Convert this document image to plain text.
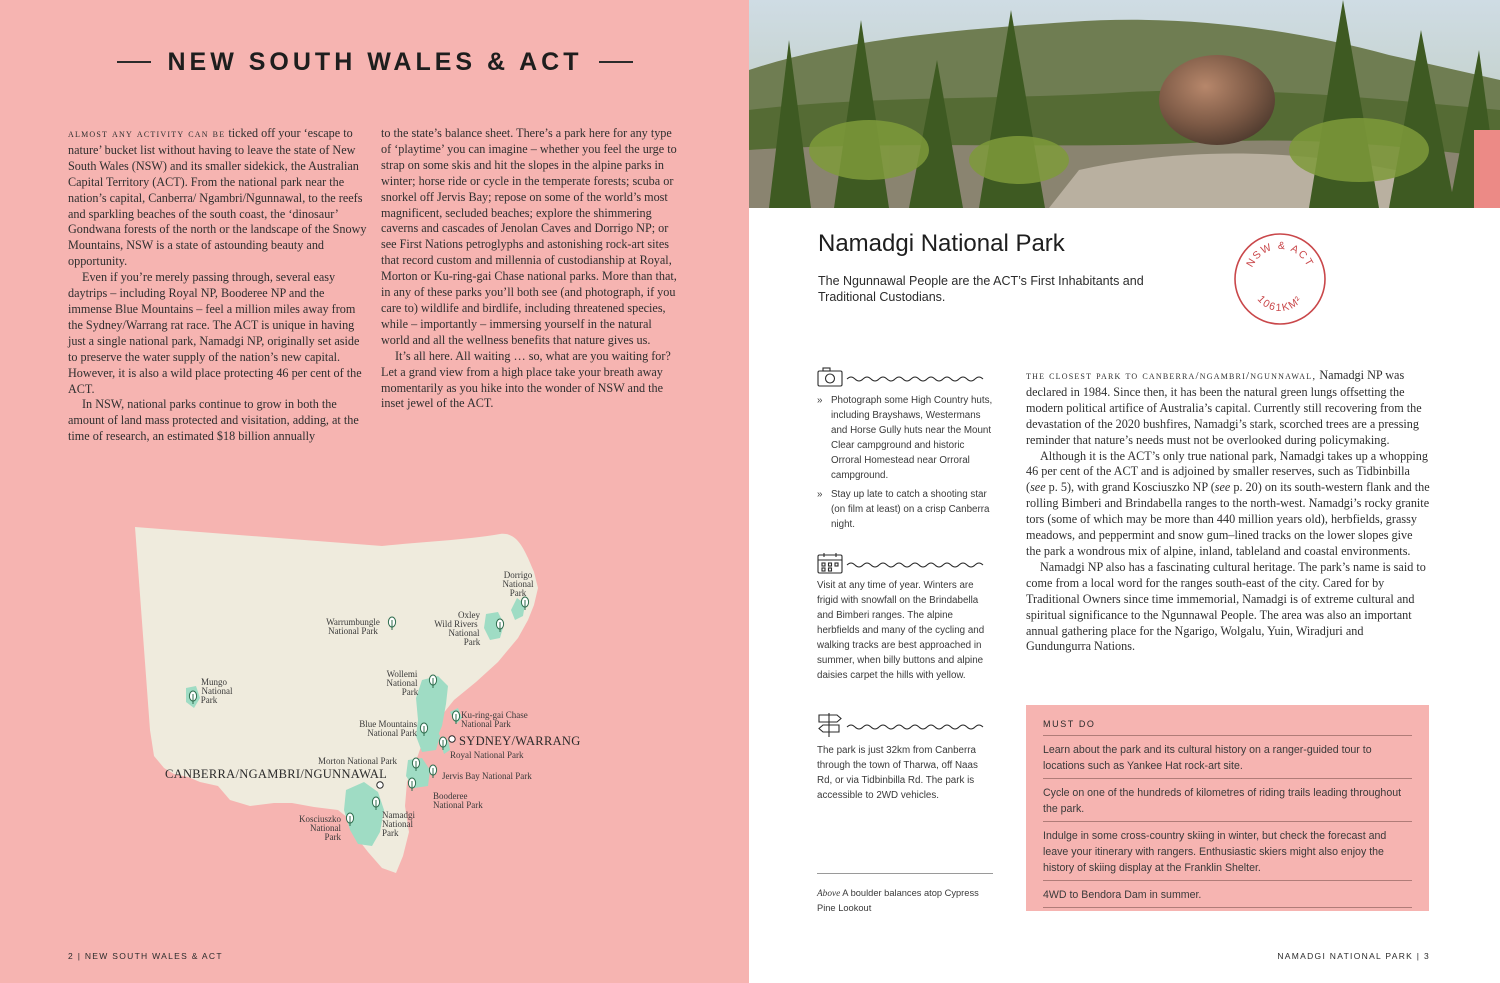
NEW SOUTH WALES & ACT

almost any activity can be ticked off your ‘escape to nature’ bucket list without having to leave the state of New South Wales (NSW) and its smaller sidekick, the Australian Capital Territory (ACT). From the national park near the nation’s capital, Canberra/ Ngambri/Ngunnawal, to the reefs and sparkling beaches of the south coast, the ‘dinosaur’ Gondwana forests of the north or the landscape of the Snowy Mountains, NSW is a state of astounding beauty and opportunity.

Even if you’re merely passing through, several easy daytrips – including Royal NP, Booderee NP and the immense Blue Mountains – feel a million miles away from the Sydney/Warrang rat race. The ACT is unique in having just a single national park, Namadgi NP, originally set aside to preserve the water supply of the nation’s new capital. However, it is also a wild place protecting 46 per cent of the ACT.

In NSW, national parks continue to grow in both the amount of land mass protected and visitation, adding, at the time of research, an estimated $18 billion annually

to the state’s balance sheet. There’s a park here for any type of ‘playtime’ you can imagine – whether you feel the urge to strap on some skis and hit the slopes in the alpine parks in winter; horse ride or cycle in the temperate forests; scuba or snorkel off Jervis Bay; repose on some of the world’s most magnificent, secluded beaches; explore the shimmering caverns and cascades of Jenolan Caves and Dorrigo NP; or see First Nations petroglyphs and astonishing rock-art sites that record custom and millennia of custodianship at Royal, Morton or Ku-ring-gai Chase national parks. More than that, in any of these parks you’ll both see (and photograph, if you care to) wildlife and birdlife, including threatened species, while – importantly – immersing yourself in the natural world and all the wellness benefits that nature gives us.

It’s all here. All waiting … so, what are you waiting for? Let a grand view from a high place take your breath away momentarily as you hike into the wonder of NSW and the inset jewel of the ACT.

Dorrigo National Park
Warrumbungle National Park
Oxley Wild Rivers National Park
Mungo National Park
Wollemi National Park
Ku-ring-gai Chase National Park
Blue Mountains National Park
Royal National Park
Morton National Park
Jervis Bay National Park
Booderee National Park
Kosciuszko National Park
Namadgi National Park
SYDNEY/WARRANG
CANBERRA/NGAMBRI/NGUNNAWAL
2 | NEW SOUTH WALES & ACT
Namadgi National Park
The Ngunnawal People are the ACT’s First Inhabitants and Traditional Custodians.
NSW & ACT
1061KM²
» Photograph some High Country huts, including Brayshaws, Westermans and Horse Gully huts near the Mount Clear campground and historic Orroral Homestead near Orroral campground.
» Stay up late to catch a shooting star (on film at least) on a crisp Canberra night.
Visit at any time of year. Winters are frigid with snowfall on the Brindabella and Bimberi ranges. The alpine herbfields and many of the cycling and walking tracks are best approached in summer, when billy buttons and alpine daisies carpet the hills with yellow.
The park is just 32km from Canberra through the town of Tharwa, off Naas Rd, or via Tidbinbilla Rd. The park is accessible to 2WD vehicles.
Above A boulder balances atop Cypress Pine Lookout

the closest park to canberra/ngambri/ngunnawal, Namadgi NP was declared in 1984. Since then, it has been the natural green lungs offsetting the modern political artifice of Australia’s capital. Currently still recovering from the devastation of the 2020 bushfires, Namadgi’s stark, scorched trees are a pressing reminder that nature’s needs must not be overlooked during policymaking.

Although it is the ACT’s only true national park, Namadgi takes up a whopping 46 per cent of the ACT and is adjoined by smaller reserves, such as Tidbinbilla (see p. 5), with grand Kosciuszko NP (see p. 20) on its south-western flank and the rolling Bimberi and Brindabella ranges to the north-west. Namadgi’s rocky granite tors (some of which may be more than 440 million years old), herbfields, grassy meadows, and peppermint and snow gum–lined tracks on the lower slopes give the park a wondrous mix of alpine, inland, tableland and coastal environments.

Namadgi NP also has a fascinating cultural heritage. The park’s name is said to come from a local word for the ranges south-east of the city. Cared for by Traditional Owners since time immemorial, Namadgi is of extreme cultural and spiritual significance to the Ngunnawal People. The area was also an important annual gathering place for the Ngarigo, Wolgalu, Yuin, Wiradjuri and Gundungurra Nations.

MUST DO
Learn about the park and its cultural history on a ranger-guided tour to locations such as Yankee Hat rock-art site.
Cycle on one of the hundreds of kilometres of riding trails leading throughout the park.
Indulge in some cross-country skiing in winter, but check the forecast and leave your itinerary with rangers. Enthusiastic skiers might also enjoy the history of skiing display at the Franklin Shelter.
4WD to Bendora Dam in summer.
NAMADGI NATIONAL PARK | 3
